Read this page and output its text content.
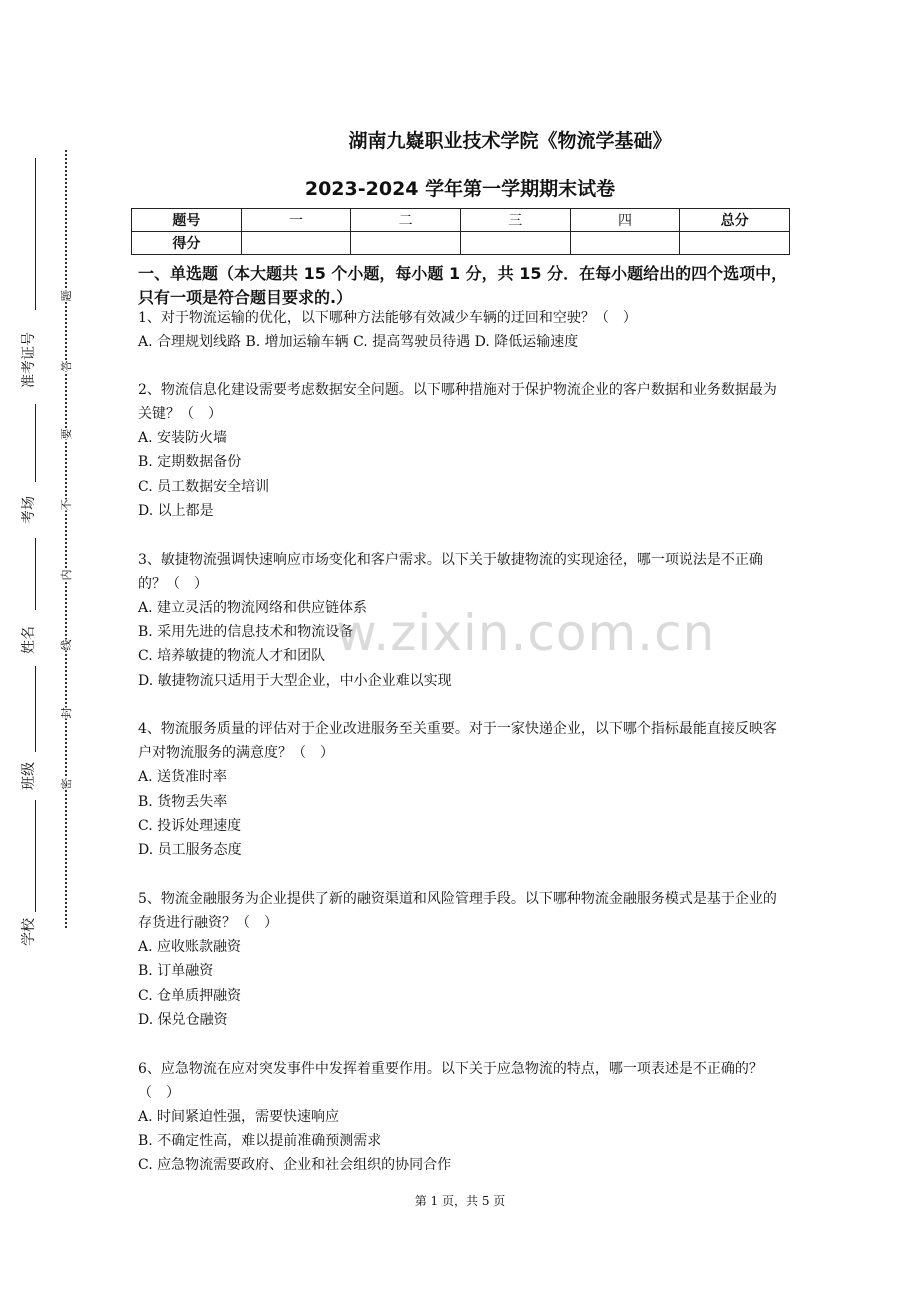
准考证号
考场
姓名
班级
学校
题
答
要
不
内
线
封
密
湖南九嶷职业技术学院《物流学基础》
2023-2024 学年第一学期期末试卷
题号	一	二	三	四	总分
得分					
一、单选题（本大题共 15 个小题，每小题 1 分，共 15 分．在每小题给出的四个选项中，只有一项是符合题目要求的.）
1、对于物流运输的优化，以下哪种方法能够有效减少车辆的迂回和空驶？（　）
A. 合理规划线路 B. 增加运输车辆 C. 提高驾驶员待遇 D. 降低运输速度
2、物流信息化建设需要考虑数据安全问题。以下哪种措施对于保护物流企业的客户数据和业务数据最为关键？（　）
A. 安装防火墙
B. 定期数据备份
C. 员工数据安全培训
D. 以上都是
3、敏捷物流强调快速响应市场变化和客户需求。以下关于敏捷物流的实现途径，哪一项说法是不正确的？（　）
A. 建立灵活的物流网络和供应链体系
B. 采用先进的信息技术和物流设备
C. 培养敏捷的物流人才和团队
D. 敏捷物流只适用于大型企业，中小企业难以实现
4、物流服务质量的评估对于企业改进服务至关重要。对于一家快递企业，以下哪个指标最能直接反映客户对物流服务的满意度？（　）
A. 送货准时率
B. 货物丢失率
C. 投诉处理速度
D. 员工服务态度
5、物流金融服务为企业提供了新的融资渠道和风险管理手段。以下哪种物流金融服务模式是基于企业的存货进行融资？（　）
A. 应收账款融资
B. 订单融资
C. 仓单质押融资
D. 保兑仓融资
6、应急物流在应对突发事件中发挥着重要作用。以下关于应急物流的特点，哪一项表述是不正确的？（　）
A. 时间紧迫性强，需要快速响应
B. 不确定性高，难以提前准确预测需求
C. 应急物流需要政府、企业和社会组织的协同合作
w.zixin.com.cn
第 1 页，共 5 页
